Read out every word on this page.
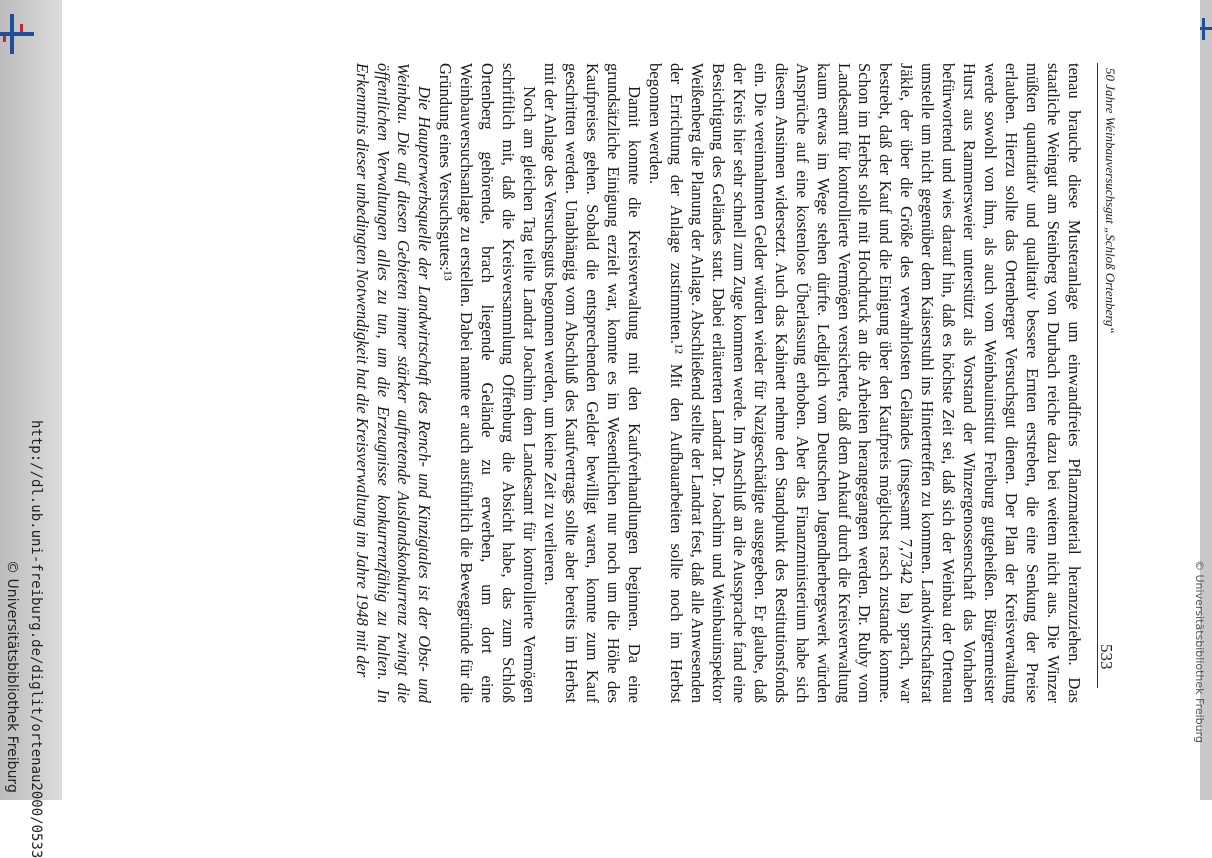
50 Jahre Weinbauversuchsgut „Schloß Ortenberg“
533

tenau brauche diese Musteranlage um einwandfreies Pflanzmaterial heranzuziehen. Das staatliche Weingut am Steinberg von Durbach reiche dazu bei weitem nicht aus. Die Winzer müßten quantitativ und qualitativ bessere Ernten erstreben, die eine Senkung der Preise erlauben. Hierzu sollte das Ortenberger Versuchsgut dienen. Der Plan der Kreisverwaltung werde sowohl von ihm, als auch vom Weinbauinstitut Freiburg gutgeheißen. Bürgermeister Hurst aus Rammersweier unterstützt als Vorstand der Winzergenossenschaft das Vorhaben befürwortend und wies darauf hin, daß es höchste Zeit sei, daß sich der Weinbau der Ortenau umstelle um nicht gegenüber dem Kaiserstuhl ins Hintertreffen zu kommen. Landwirtschaftsrat Jäkle, der über die Größe des verwahrlosten Geländes (insgesamt 7,7342 ha) sprach, war bestrebt, daß der Kauf und die Einigung über den Kaufpreis möglichst rasch zustande komme. Schon im Herbst solle mit Hochdruck an die Arbeiten herangegangen werden. Dr. Ruby vom Landesamt für kontrollierte Vermögen versicherte, daß dem Ankauf durch die Kreisverwaltung kaum etwas im Wege stehen dürfte. Lediglich vom Deutschen Jugendherbergswerk würden Ansprüche auf eine kostenlose Überlassung erhoben. Aber das Finanzministerium habe sich diesem Ansinnen widersetzt. Auch das Kabinett nehme den Standpunkt des Restitutionsfonds ein. Die vereinnahmten Gelder würden wieder für Nazigeschädigte ausgegeben. Er glaube, daß der Kreis hier sehr schnell zum Zuge kommen werde. Im Anschluß an die Aussprache fand eine Besichtigung des Geländes statt. Dabei erläuterten Landrat Dr. Joachim und Weinbauinspektor Weißenberg die Planung der Anlage. Abschließend stellte der Landrat fest, daß alle Anwesenden der Errichtung der Anlage zustimmten.¹² Mit den Aufbauarbeiten sollte noch im Herbst begonnen werden.

Damit konnte die Kreisverwaltung mit den Kaufverhandlungen beginnen. Da eine grundsätzliche Einigung erzielt war, konnte es im Wesentlichen nur noch um die Höhe des Kaufpreises gehen. Sobald die entsprechenden Gelder bewilligt waren, konnte zum Kauf geschritten werden. Unabhängig vom Abschluß des Kaufvertrags sollte aber bereits im Herbst mit der Anlage des Versuchsguts begonnen werden, um keine Zeit zu verlieren.

Noch am gleichen Tag teilte Landrat Joachim dem Landesamt für kontrollierte Vermögen schriftlich mit, daß die Kreisversammlung Offenburg die Absicht habe, das zum Schloß Ortenberg gehörende, brach liegende Gelände zu erwerben, um dort eine Weinbauversuchsanlage zu erstellen. Dabei nannte er auch ausführlich die Beweggründe für die Gründung eines Versuchsgutes:¹³

Die Haupterwerbsquelle der Landwirtschaft des Rench- und Kinzigtales ist der Obst- und Weinbau. Die auf diesen Gebieten immer stärker auftretende Auslandskonkurrenz zwingt die öffentlichen Verwaltungen alles zu tun, um die Erzeugnisse konkurrenzfähig zu halten. In Erkenntnis dieser unbedingten Notwendigkeit hat die Kreisverwaltung im Jahre 1948 mit der

http://dl.ub.uni-freiburg.de/diglit/ortenau2000/0533
© Universitätsbibliothek Freiburg	© Universitätsbibliothek Freiburg
